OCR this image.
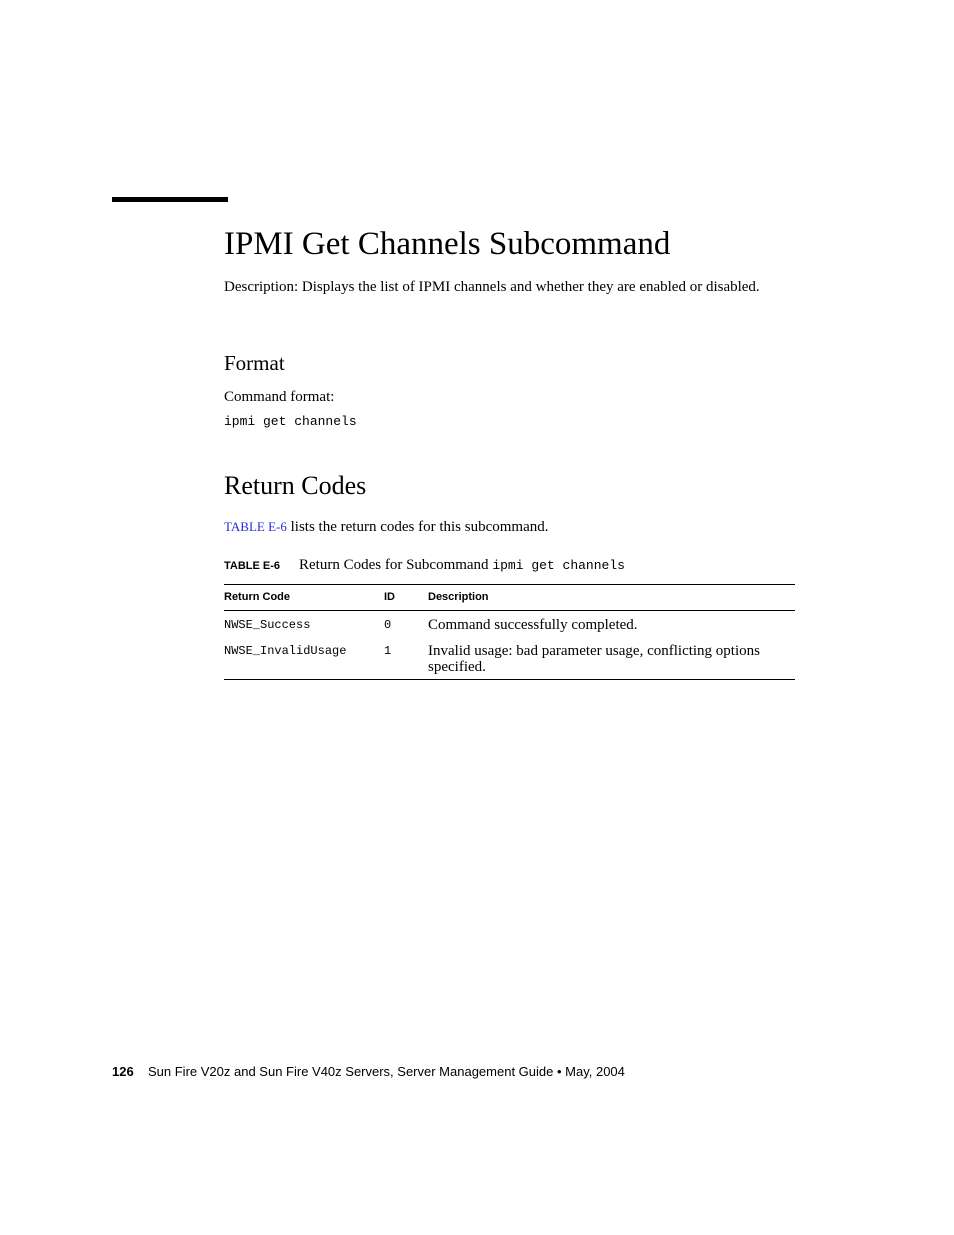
IPMI Get Channels Subcommand

Description: Displays the list of IPMI channels and whether they are enabled or disabled.

Format

Command format:

ipmi get channels
Return Codes

TABLE E-6 lists the return codes for this subcommand.

TABLE E-6 Return Codes for Subcommand ipmi get channels
Return Code	ID	Description
NWSE_Success	0 Command successfully completed.
NWSE_InvalidUsage	1 Invalid usage: bad parameter usage, conflicting options specified.
126 Sun Fire V20z and Sun Fire V40z Servers, Server Management Guide • May, 2004
